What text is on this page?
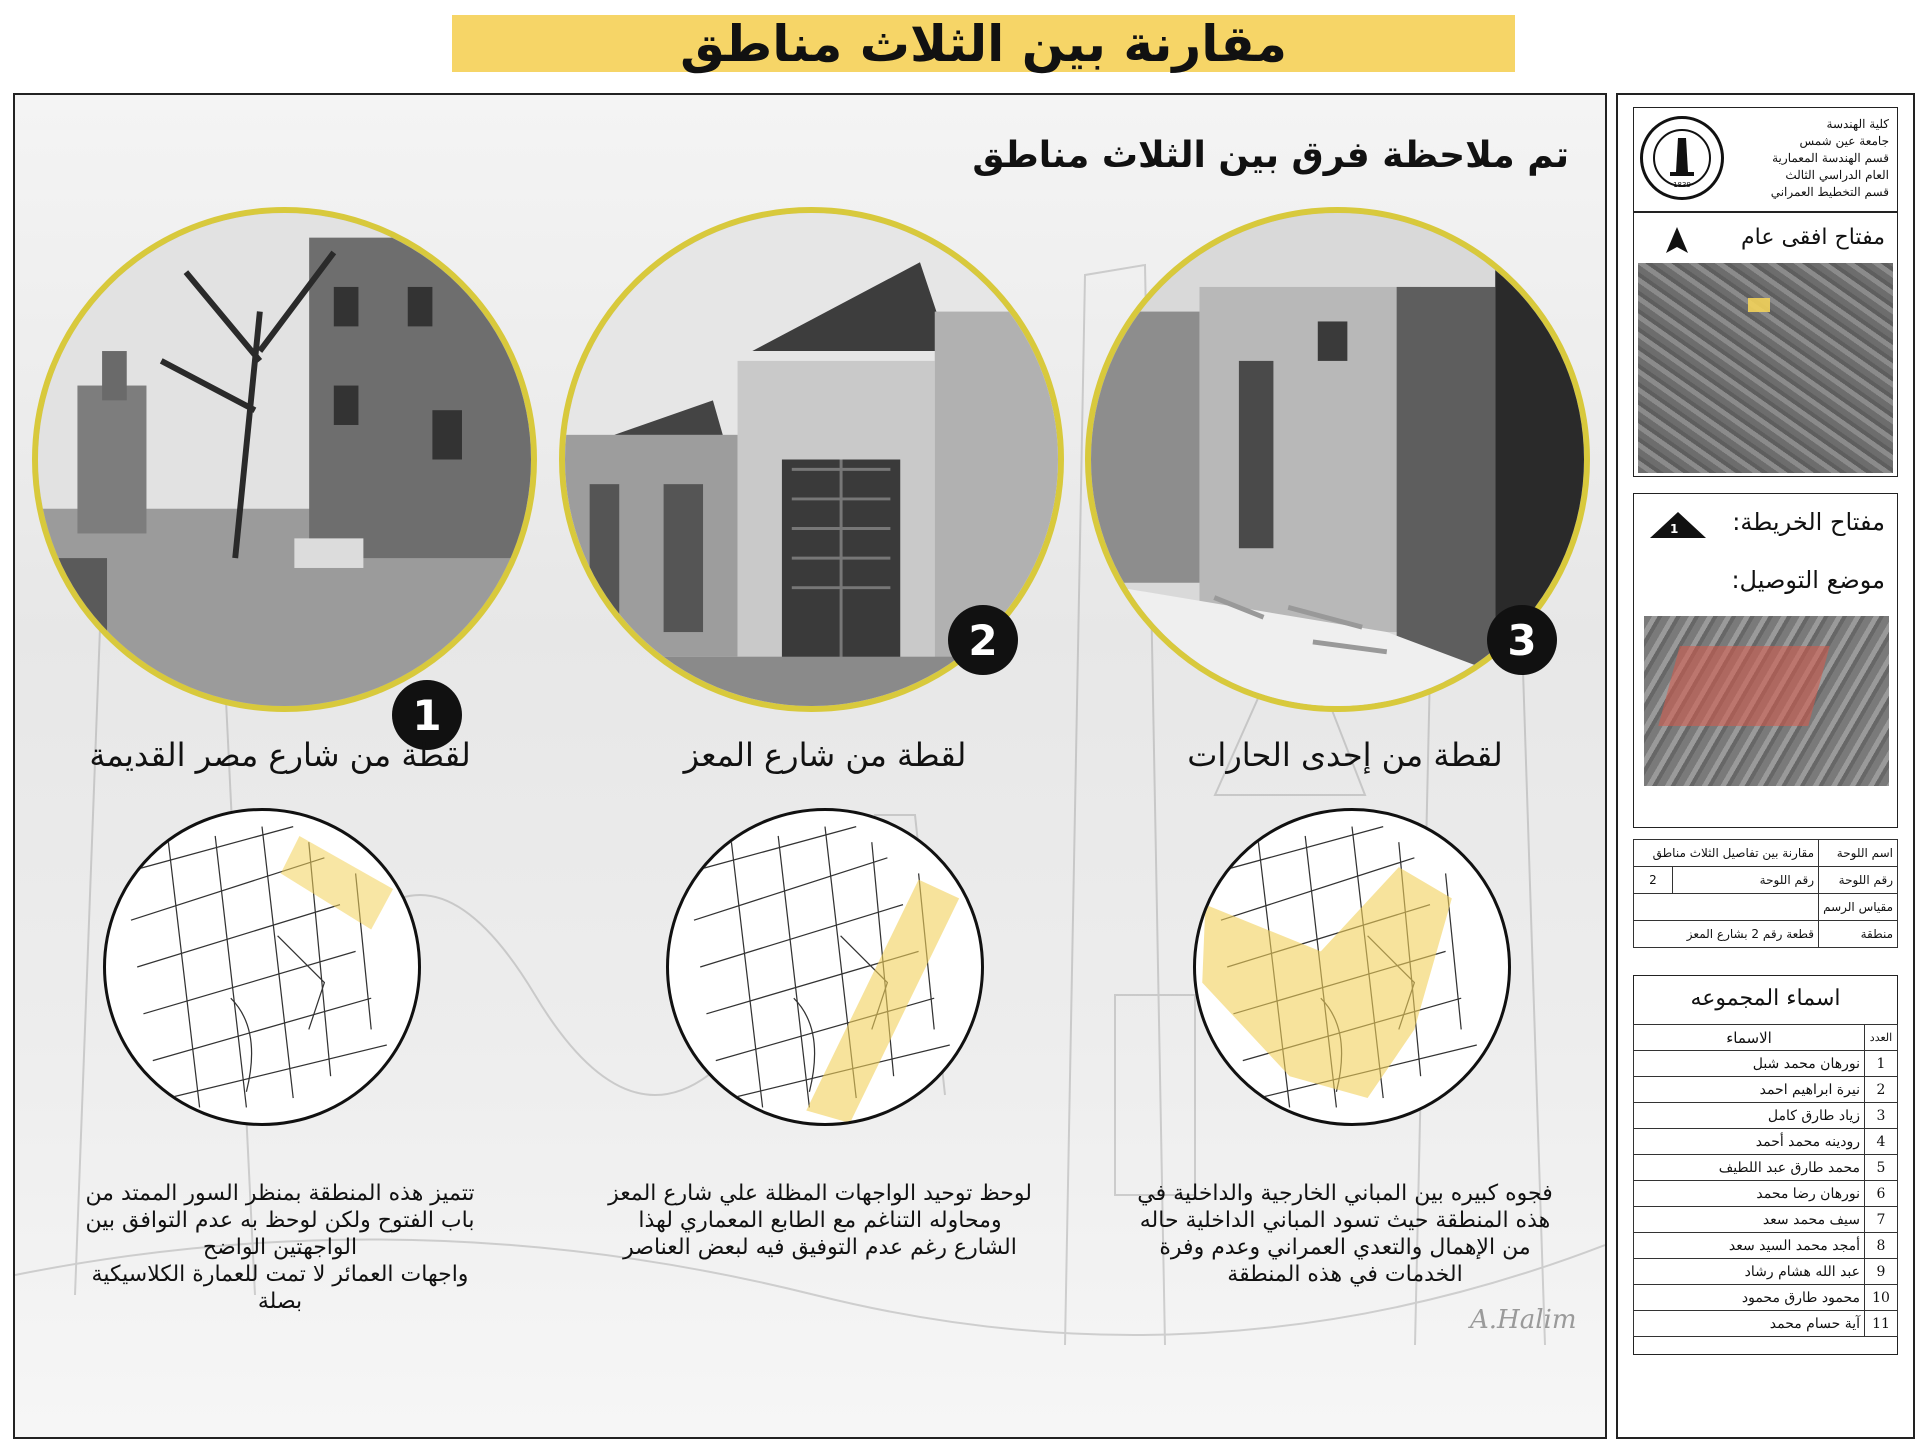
مقارنة بين الثلاث مناطق
تم ملاحظة فرق بين الثلاث مناطق
1
لقطة من شارع مصر القديمة
2
لقطة من شارع المعز
3
لقطة من إحدى الحارات
تتميز هذه المنطقة بمنظر السور الممتد من
باب الفتوح ولكن لوحظ به عدم التوافق بين
الواجهتين الواضح
واجهات العمائر لا تمت للعمارة الكلاسيكية
بصلة
لوحظ توحيد الواجهات المظلة علي شارع المعز
ومحاوله التناغم مع الطابع المعماري لهذا
الشارع رغم عدم التوفيق فيه لبعض العناصر
فجوه كبيره بين المباني الخارجية والداخلية في
هذه المنطقة حيث تسود المباني الداخلية حاله
من الإهمال والتعدي العمراني وعدم وفرة
الخدمات في هذه المنطقة
A.Halim
1839
كلية الهندسة
جامعة عين شمس
قسم الهندسة المعمارية
العام الدراسي الثالث
قسم التخطيط العمراني
مفتاح افقى عام
مفتاح الخريطة:
1
موضع التوصيل:
مقارنة بين تفاصيل الثلاث مناطق		اسم اللوحة
2	رقم اللوحة	رقم اللوحة
		مقياس الرسم
قطعة رقم 2 بشارع المعز		منطقة
اسماء المجموعه
الاسماء	العدد
نورهان محمد شبل	1
نيرة ابراهيم احمد	2
زياد طارق كامل	3
رودينه محمد أحمد	4
محمد طارق عبد اللطيف	5
نورهان رضا محمد	6
سيف محمد سعد	7
أمجد محمد السيد سعد	8
عبد الله هشام رشاد	9
محمود طارق محمود	10
آية حسام محمد	11
